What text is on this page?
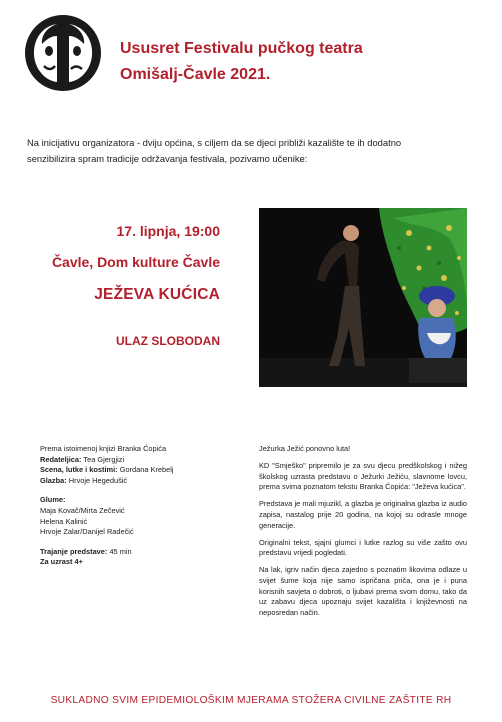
Ususret Festivalu pučkog teatra
Omišalj-Čavle 2021.
Na inicijativu organizatora - dviju općina, s ciljem da se djeci približi kazalište te ih dodatno
senzibilizira spram tradicije održavanja festivala, pozivamo učenike:
17. lipnja, 19:00
Čavle, Dom kulture Čavle
JEŽEVA KUĆICA
ULAZ SLOBODAN
Prema istoimenoj knjizi Branka Ćopića
Redateljica: Tea Gjergjizi
Scena, lutke i kostimi: Gordana Krebelj
Glazba: Hrvoje Hegedušić
Glume:
Maja Kovač/Mirta Zečević
Helena Kalinić
Hrvoje Zalar/Danijel Radečić
Trajanje predstave: 45 min
Za uzrast 4+

Ježurka Ježić ponovno luta!

KD "Smješko" pripremilo je za svu djecu predškolskog i nižeg školskog uzrasta predstavu o Ježurki Ježiću, slavnome lovcu, prema svima poznatom tekstu Branka Ćopića: "Ježeva kućica".

Predstava je mali mjuzikl, a glazba je originalna glazba iz audio zapisa, nastalog prije 20 godina, na kojoj su odrasle mnoge generacije.

Originalni tekst, sjajni glumci i lutke razlog su više zašto ovu predstavu vrijedi pogledati.

Na lak, igriv način djeca zajedno s poznatim likovima odlaze u svijet šume koja nije samo ispričana priča, ona je i puna korisnih savjeta o dobroti, o ljubavi prema svom domu, tako da uz zabavu djeca upoznaju svijet kazališta i književnosti na neposredan način.

SUKLADNO SVIM EPIDEMIOLOŠKIM MJERAMA STOŽERA CIVILNE ZAŠTITE RH
